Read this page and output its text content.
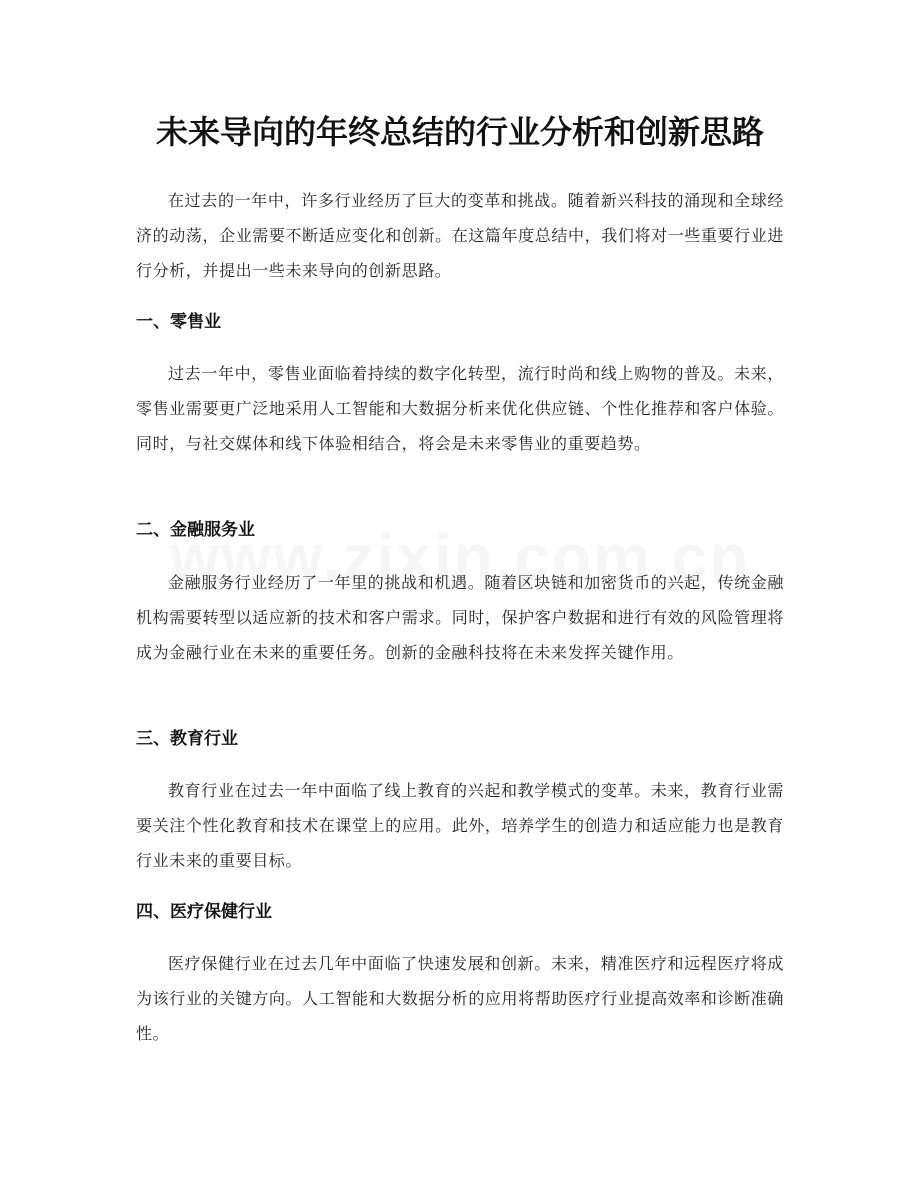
未来导向的年终总结的行业分析和创新思路

在过去的一年中，许多行业经历了巨大的变革和挑战。随着新兴科技的涌现和全球经济的动荡，企业需要不断适应变化和创新。在这篇年度总结中，我们将对一些重要行业进行分析，并提出一些未来导向的创新思路。

一、零售业

过去一年中，零售业面临着持续的数字化转型，流行时尚和线上购物的普及。未来，零售业需要更广泛地采用人工智能和大数据分析来优化供应链、个性化推荐和客户体验。同时，与社交媒体和线下体验相结合，将会是未来零售业的重要趋势。

二、金融服务业

金融服务行业经历了一年里的挑战和机遇。随着区块链和加密货币的兴起，传统金融机构需要转型以适应新的技术和客户需求。同时，保护客户数据和进行有效的风险管理将成为金融行业在未来的重要任务。创新的金融科技将在未来发挥关键作用。

三、教育行业

教育行业在过去一年中面临了线上教育的兴起和教学模式的变革。未来，教育行业需要关注个性化教育和技术在课堂上的应用。此外，培养学生的创造力和适应能力也是教育行业未来的重要目标。

四、医疗保健行业

医疗保健行业在过去几年中面临了快速发展和创新。未来，精准医疗和远程医疗将成为该行业的关键方向。人工智能和大数据分析的应用将帮助医疗行业提高效率和诊断准确性。
